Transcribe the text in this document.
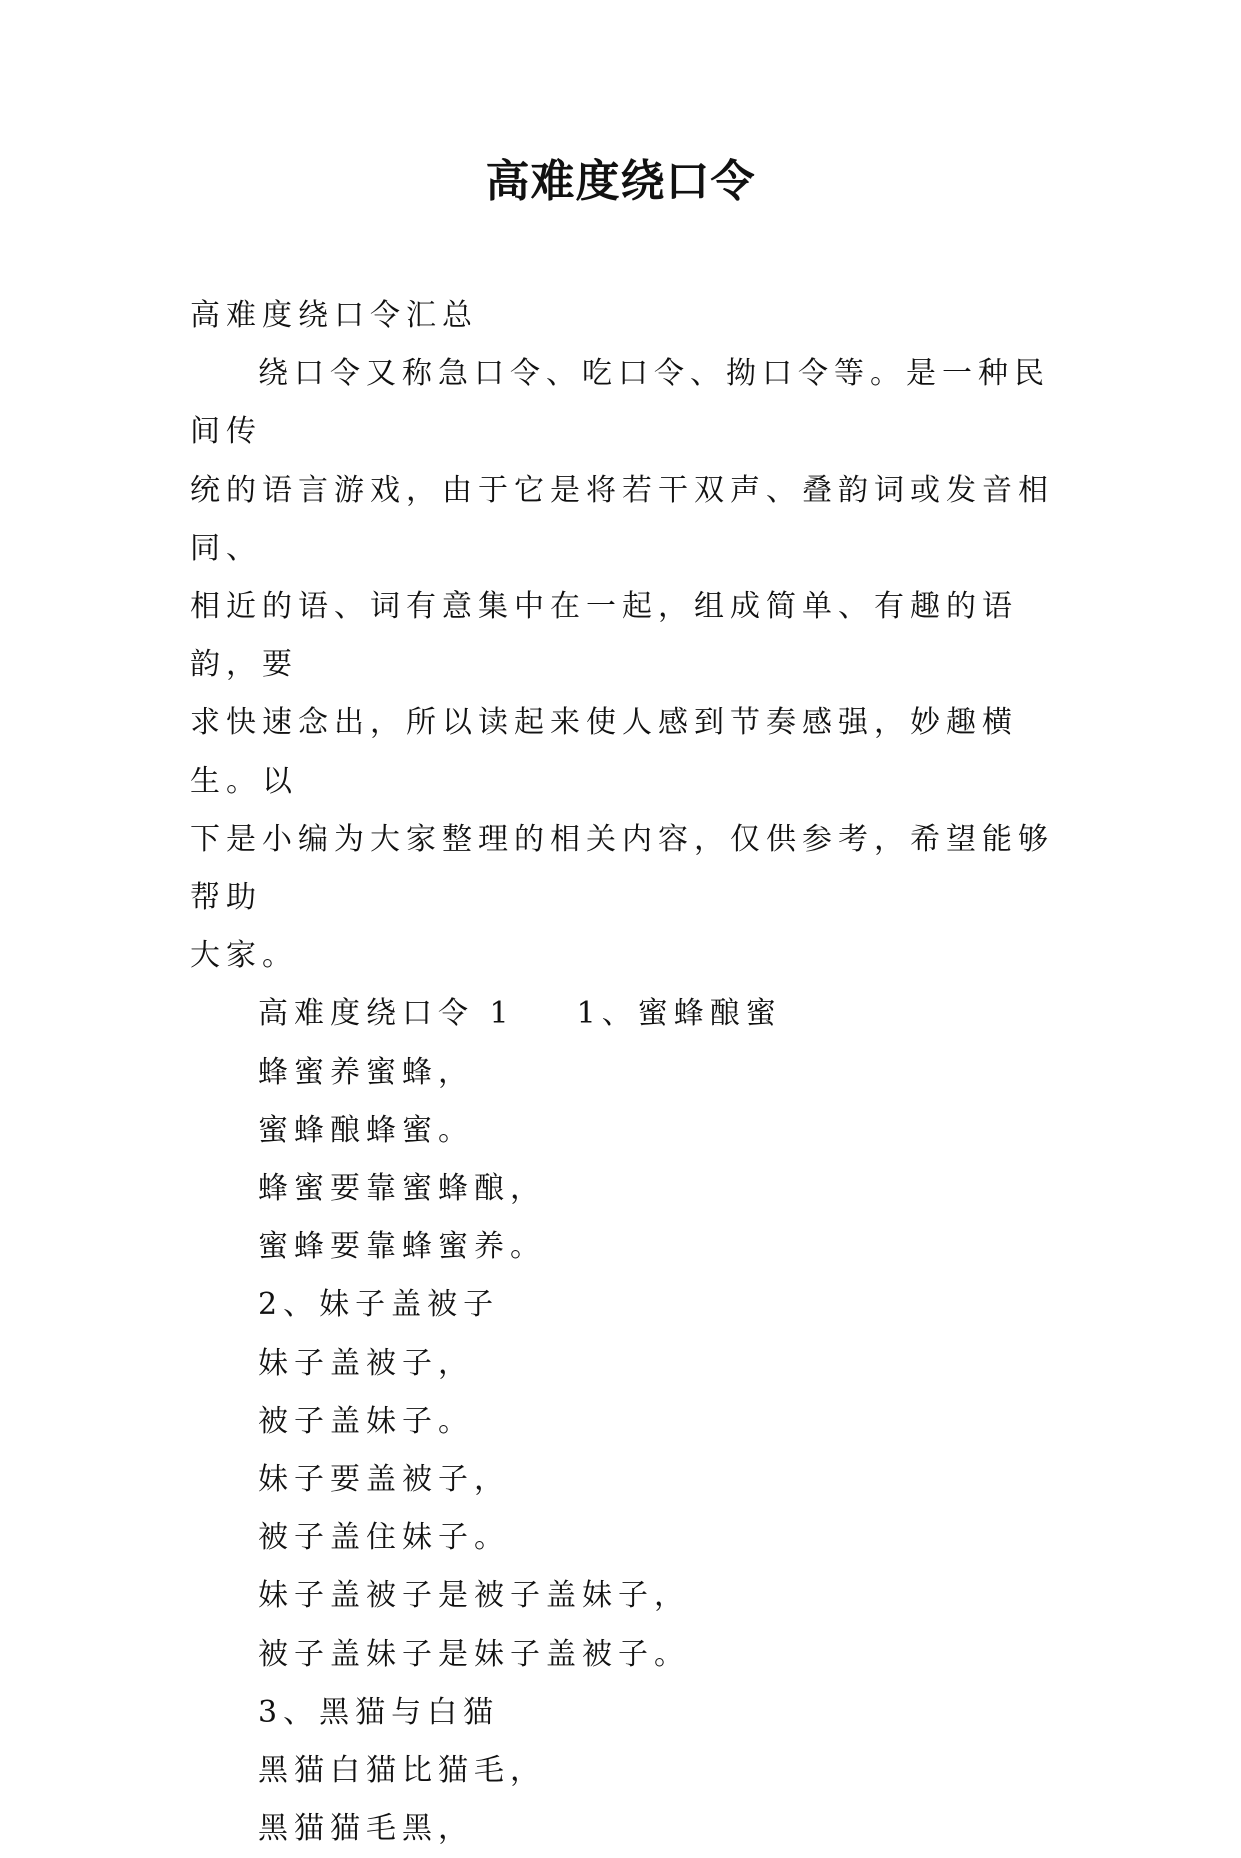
高难度绕口令

高难度绕口令汇总

绕口令又称急口令、吃口令、拗口令等。是一种民间传
统的语言游戏，由于它是将若干双声、叠韵词或发音相同、
相近的语、词有意集中在一起，组成简单、有趣的语韵，要
求快速念出，所以读起来使人感到节奏感强，妙趣横生。以
下是小编为大家整理的相关内容，仅供参考，希望能够帮助
大家。

高难度绕口令 1 1、蜜蜂酿蜜

蜂蜜养蜜蜂，

蜜蜂酿蜂蜜。

蜂蜜要靠蜜蜂酿，

蜜蜂要靠蜂蜜养。

2、妹子盖被子

妹子盖被子，

被子盖妹子。

妹子要盖被子，

被子盖住妹子。

妹子盖被子是被子盖妹子，

被子盖妹子是妹子盖被子。

3、黑猫与白猫

黑猫白猫比猫毛，

黑猫猫毛黑，
